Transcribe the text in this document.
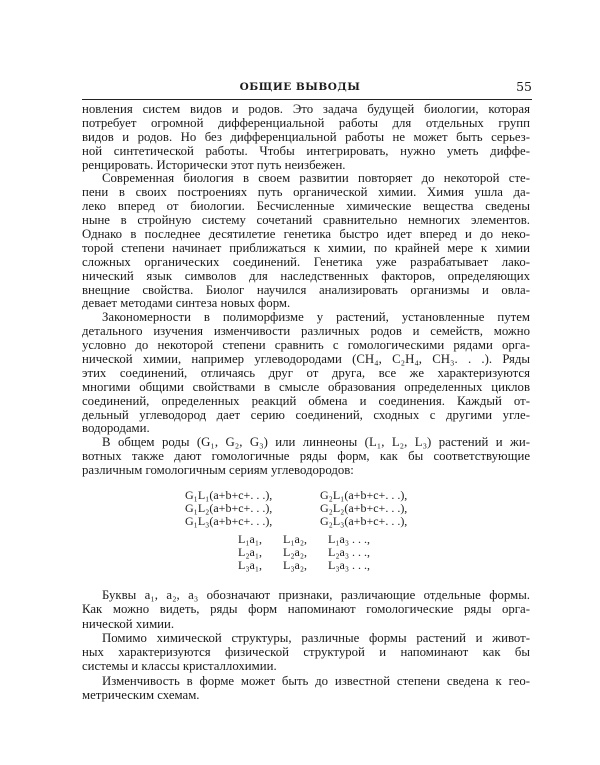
ОБЩИЕ ВЫВОДЫ	55
новления систем видов и родов. Это задача будущей биологии, которая
потребует огромной дифференциальной работы для отдельных групп
видов и родов. Но без дифференциальной работы не может быть серьез-
ной синтетической работы. Чтобы интегрировать, нужно уметь диффе-
ренцировать. Исторически этот путь неизбежен.
Современная биология в своем развитии повторяет до некоторой сте-
пени в своих построениях путь органической химии. Химия ушла да-
леко вперед от биологии. Бесчисленные химические вещества сведены
ныне в стройную систему сочетаний сравнительно немногих элементов.
Однако в последнее десятилетие генетика быстро идет вперед и до неко-
торой степени начинает приближаться к химии, по крайней мере к химии
сложных органических соединений. Генетика уже разрабатывает лако-
нический язык символов для наследственных факторов, определяющих
внещние свойства. Биолог научился анализировать организмы и овла-
девает методами синтеза новых форм.
Закономерности в полиморфизме у растений, установленные путем
детального изучения изменчивости различных родов и семейств, можно
условно до некоторой степени сравнить с гомологическими рядами орга-
нической химии, например углеводородами (CH₄, C₂H₄, CH₃. . .). Ряды
этих соединений, отличаясь друг от друга, все же характеризуются
многими общими свойствами в смысле образования определенных циклов
соединений, определенных реакций обмена и соединения. Каждый от-
дельный углеводород дает серию соединений, сходных с другими угле-
водородами.
В общем роды (G₁, G₂, G₃) или линнеоны (L₁, L₂, L₃) растений и жи-
вотных также дают гомологичные ряды форм, как бы соответствующие
различным гомологичным сериям углеводородов:
G₁L₁(a+b+c+. . .),
G₁L₂(a+b+c+. . .),
G₁L₃(a+b+c+. . .),
G₂L₁(a+b+c+. . .),
G₂L₂(a+b+c+. . .),
G₂L₃(a+b+c+. . .),
L₁a₁,
L₂a₁,
L₃a₁,
L₁a₂,
L₂a₂,
L₃a₂,
L₁a₃ . . .,
L₂a₃ . . .,
L₃a₃ . . .,
Буквы a₁, a₂, a₃ обозначают признаки, различающие отдельные формы.
Как можно видеть, ряды форм напоминают гомологические ряды орга-
нической химии.
Помимо химической структуры, различные формы растений и живот-
ных характеризуются физической структурой и напоминают как бы
системы и классы кристаллохимии.
Изменчивость в форме может быть до известной степени сведена к гео-
метрическим схемам.
